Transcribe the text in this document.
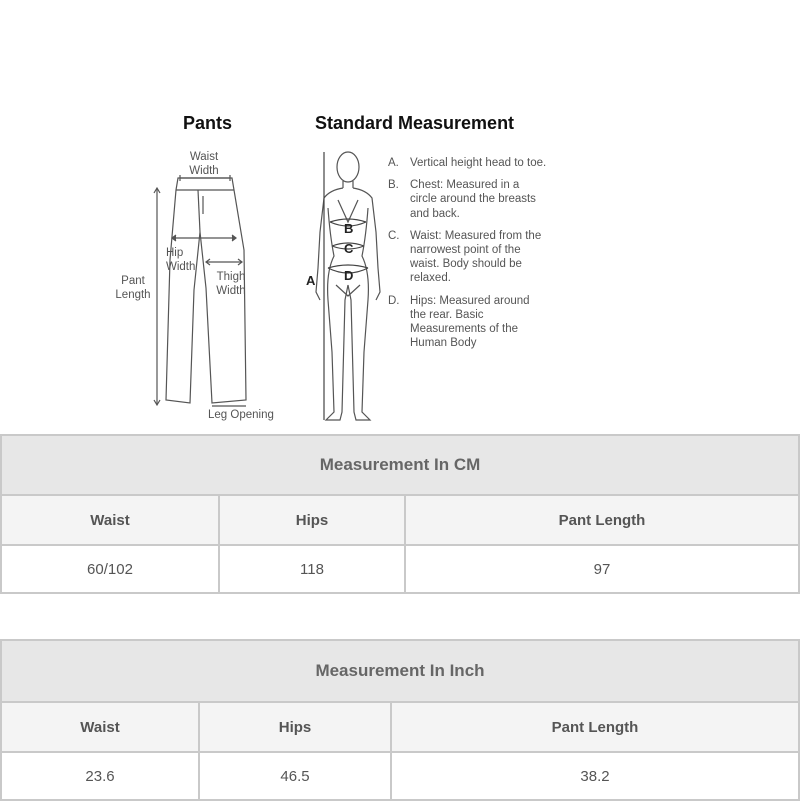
Pants	Standard Measurement
B
C
D
A
Waist
Width
Hip
Width
Thigh
Width
Pant
Length
Leg Opening
A. Vertical height head to toe.
B. Chest: Measured in a circle around the breasts and back.
C. Waist: Measured from the narrowest point of the waist. Body should be relaxed.
D. Hips: Measured around the rear. Basic Measurements of the Human Body
Measurement In CM		
Waist	Hips	Pant Length
60/102	118	97
Measurement In Inch		
Waist	Hips	Pant Length
23.6	46.5	38.2
